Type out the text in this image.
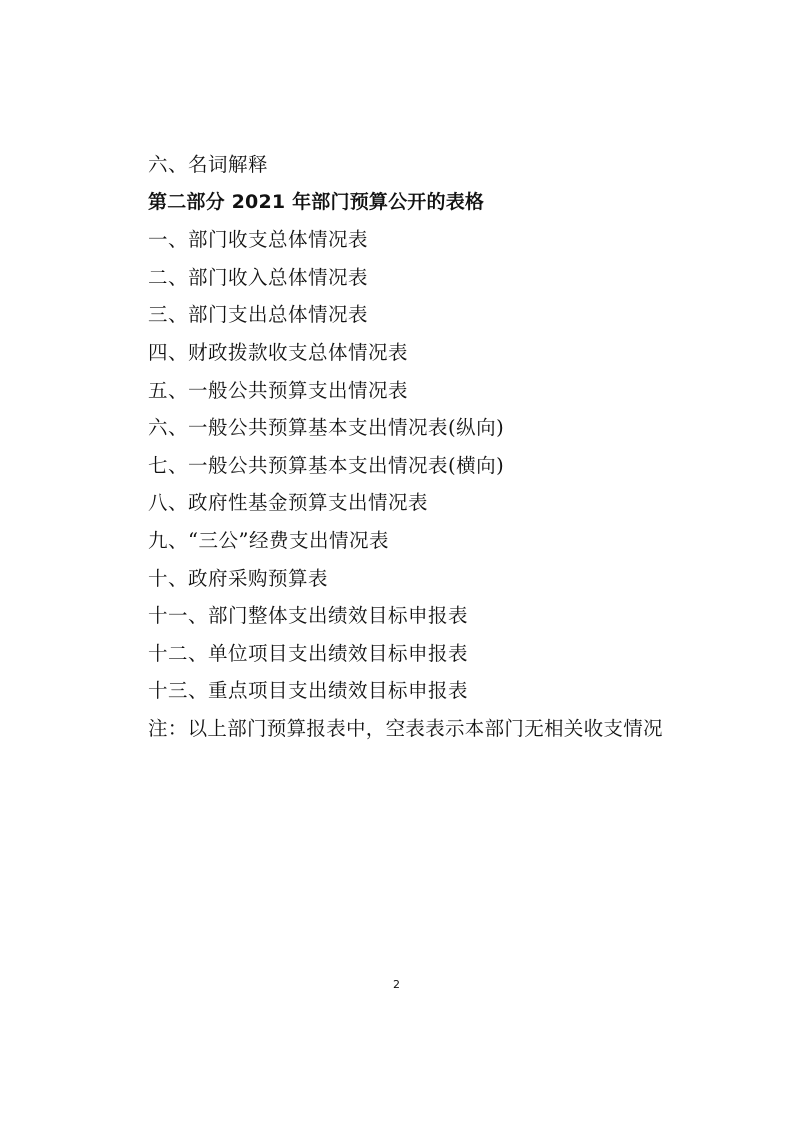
六、名词解释
第二部分 2021 年部门预算公开的表格
一、部门收支总体情况表
二、部门收入总体情况表
三、部门支出总体情况表
四、财政拨款收支总体情况表
五、一般公共预算支出情况表
六、一般公共预算基本支出情况表(纵向)
七、一般公共预算基本支出情况表(横向)
八、政府性基金预算支出情况表
九、“三公”经费支出情况表
十、政府采购预算表
十一、部门整体支出绩效目标申报表
十二、单位项目支出绩效目标申报表
十三、重点项目支出绩效目标申报表
注：以上部门预算报表中，空表表示本部门无相关收支情况
2
